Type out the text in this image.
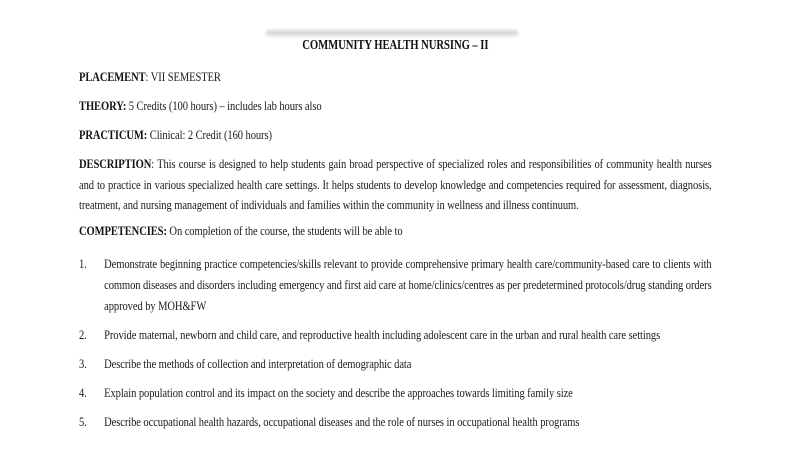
COMMUNITY HEALTH NURSING – II

PLACEMENT: VII SEMESTER

THEORY: 5 Credits (100 hours) – includes lab hours also

PRACTICUM: Clinical: 2 Credit (160 hours)

DESCRIPTION: This course is designed to help students gain broad perspective of specialized roles and responsibilities of community health nurses and to practice in various specialized health care settings. It helps students to develop knowledge and competencies required for assessment, diagnosis, treatment, and nursing management of individuals and families within the community in wellness and illness continuum.

COMPETENCIES: On completion of the course, the students will be able to

1.	Demonstrate beginning practice competencies/skills relevant to provide comprehensive primary health care/community-based care to clients with common diseases and disorders including emergency and first aid care at home/clinics/centres as per predetermined protocols/drug standing orders approved by MOH&FW
2.	Provide maternal, newborn and child care, and reproductive health including adolescent care in the urban and rural health care settings
3.	Describe the methods of collection and interpretation of demographic data
4.	Explain population control and its impact on the society and describe the approaches towards limiting family size
5.	Describe occupational health hazards, occupational diseases and the role of nurses in occupational health programs
